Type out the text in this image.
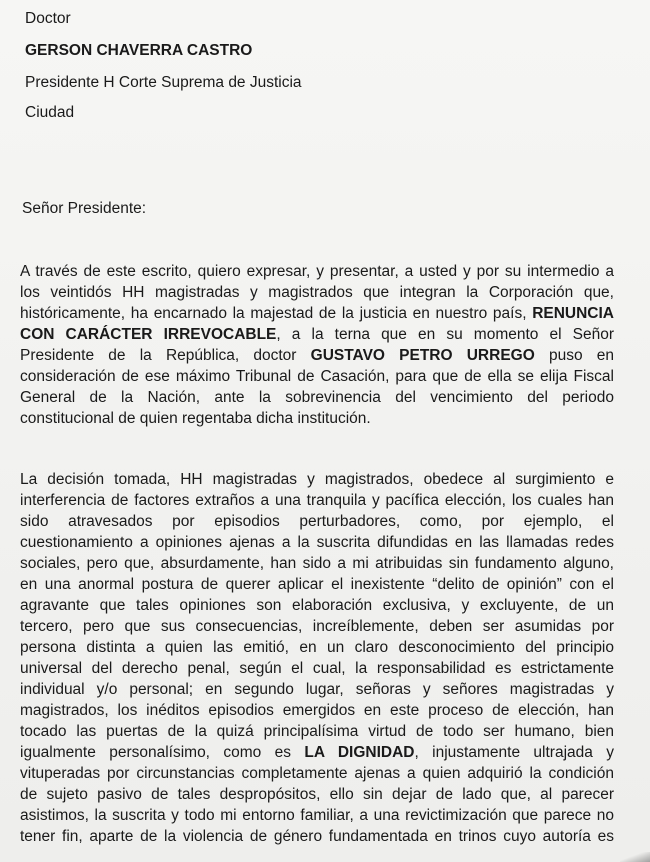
Doctor
GERSON CHAVERRA CASTRO
Presidente H Corte Suprema de Justicia
Ciudad
Señor Presidente:
A través de este escrito, quiero expresar, y presentar, a usted y por su intermedio a
los veintidós HH magistradas y magistrados que integran la Corporación que,
históricamente, ha encarnado la majestad de la justicia en nuestro país, RENUNCIA
CON CARÁCTER IRREVOCABLE, a la terna que en su momento el Señor
Presidente de la República, doctor GUSTAVO PETRO URREGO puso en
consideración de ese máximo Tribunal de Casación, para que de ella se elija Fiscal
General de la Nación, ante la sobrevinencia del vencimiento del periodo
constitucional de quien regentaba dicha institución.
La decisión tomada, HH magistradas y magistrados, obedece al surgimiento e
interferencia de factores extraños a una tranquila y pacífica elección, los cuales han
sido atravesados por episodios perturbadores, como, por ejemplo, el
cuestionamiento a opiniones ajenas a la suscrita difundidas en las llamadas redes
sociales, pero que, absurdamente, han sido a mi atribuidas sin fundamento alguno,
en una anormal postura de querer aplicar el inexistente “delito de opinión” con el
agravante que tales opiniones son elaboración exclusiva, y excluyente, de un
tercero, pero que sus consecuencias, increíblemente, deben ser asumidas por
persona distinta a quien las emitió, en un claro desconocimiento del principio
universal del derecho penal, según el cual, la responsabilidad es estrictamente
individual y/o personal; en segundo lugar, señoras y señores magistradas y
magistrados, los inéditos episodios emergidos en este proceso de elección, han
tocado las puertas de la quizá principalísima virtud de todo ser humano, bien
igualmente personalísimo, como es LA DIGNIDAD, injustamente ultrajada y
vituperadas por circunstancias completamente ajenas a quien adquirió la condición
de sujeto pasivo de tales despropósitos, ello sin dejar de lado que, al parecer
asistimos, la suscrita y todo mi entorno familiar, a una revictimización que parece no
tener fin, aparte de la violencia de género fundamentada en trinos cuyo autoría es
